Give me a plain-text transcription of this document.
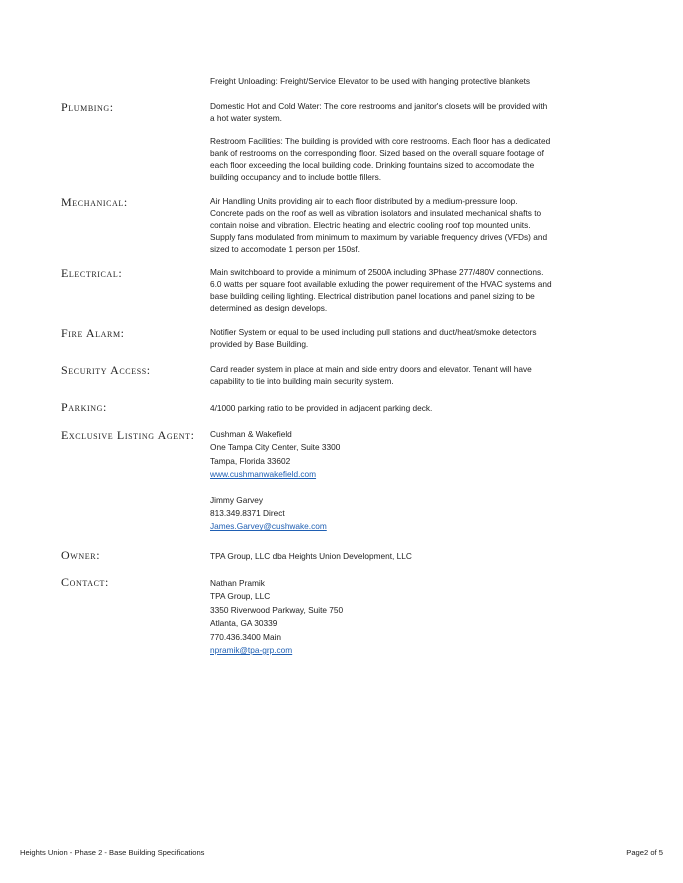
Freight Unloading: Freight/Service Elevator to be used with hanging protective blankets
Plumbing:	Domestic Hot and Cold Water: The core restrooms and janitor's closets will be provided with
a hot water system.
Restroom Facilities: The building is provided with core restrooms. Each floor has a dedicated
bank of restrooms on the corresponding floor. Sized based on the overall square footage of
each floor exceeding the local building code. Drinking fountains sized to accomodate the
building occupancy and to include bottle fillers.
Mechanical:	Air Handling Units providing air to each floor distributed by a medium-pressure loop.
Concrete pads on the roof as well as vibration isolators and insulated mechanical shafts to
contain noise and vibration. Electric heating and electric cooling roof top mounted units.
Supply fans modulated from minimum to maximum by variable frequency drives (VFDs) and
sized to accomodate 1 person per 150sf.
Electrical:	Main switchboard to provide a minimum of 2500A including 3Phase 277/480V connections.
6.0 watts per square foot available exluding the power requirement of the HVAC systems and
base building ceiling lighting. Electrical distribution panel locations and panel sizing to be
determined as design develops.
Fire Alarm:	Notifier System or equal to be used including pull stations and duct/heat/smoke detectors
provided by Base Building.
Security Access:	Card reader system in place at main and side entry doors and elevator. Tenant will have
capability to tie into building main security system.
Parking:	4/1000 parking ratio to be provided in adjacent parking deck.
Exclusive Listing Agent: Cushman & Wakefield
One Tampa City Center, Suite 3300
Tampa, Florida 33602
www.cushmanwakefield.com
Jimmy Garvey
813.349.8371 Direct
James.Garvey@cushwake.com
Owner:	TPA Group, LLC dba Heights Union Development, LLC
Contact:	Nathan Pramik
TPA Group, LLC
3350 Riverwood Parkway, Suite 750
Atlanta, GA 30339
770.436.3400 Main
npramik@tpa-grp.com
Heights Union - Phase 2 - Base Building Specifications	Page2 of 5
